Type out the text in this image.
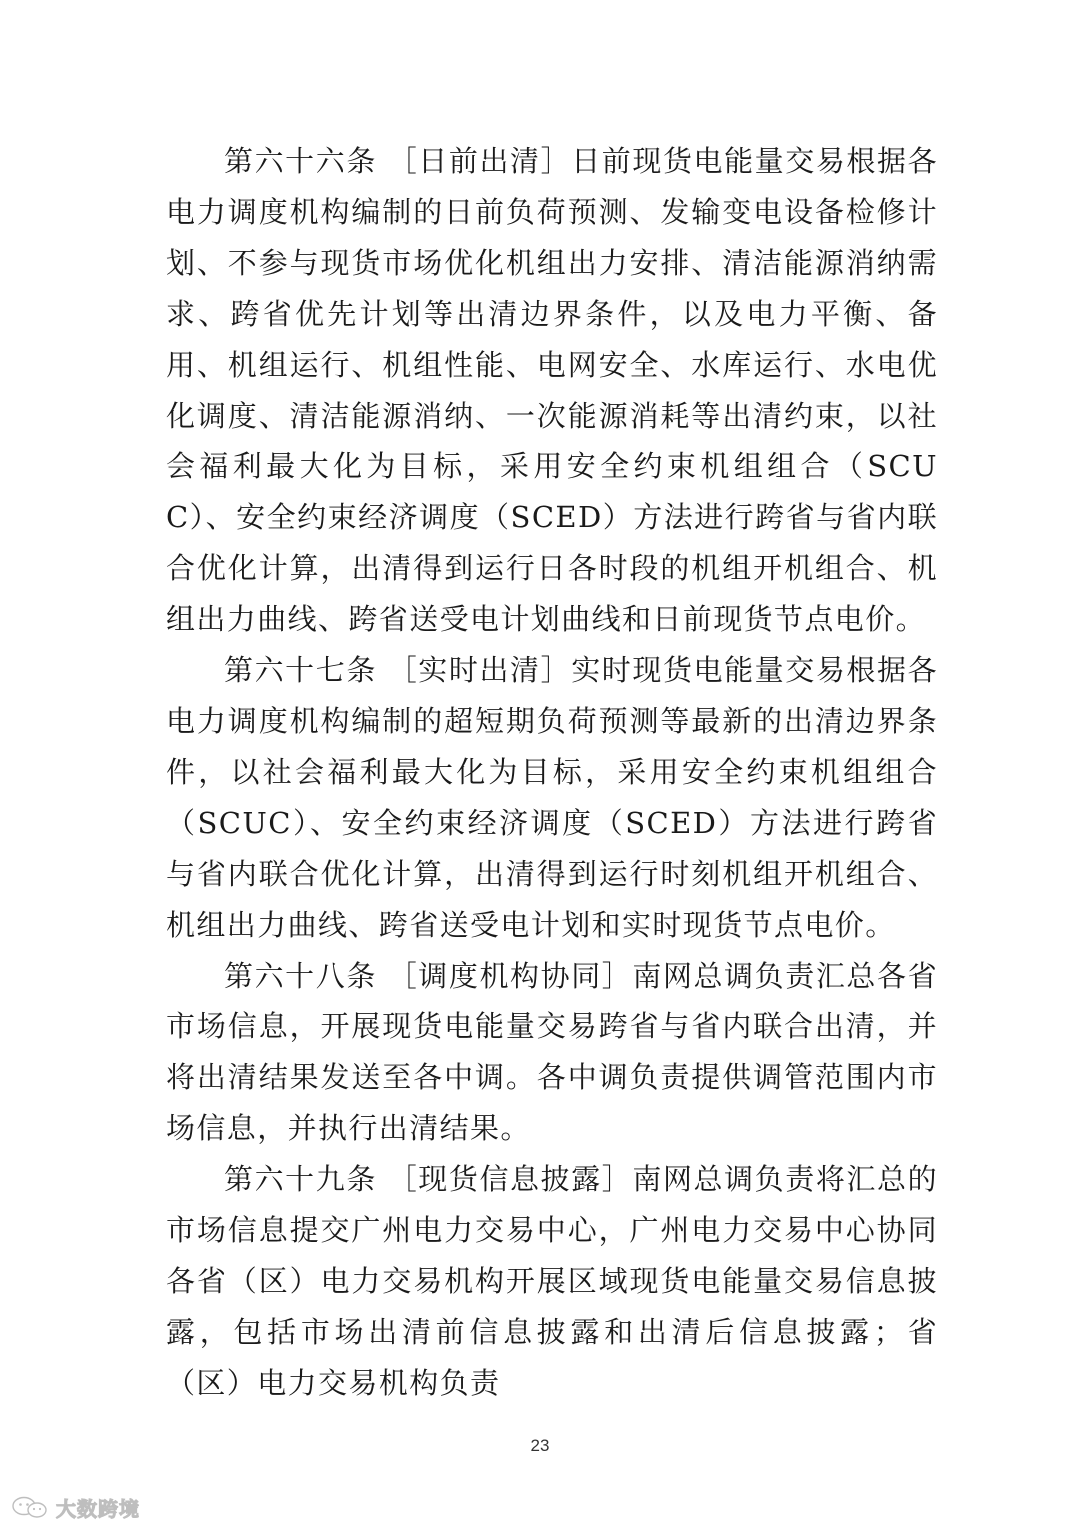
第六十六条 ［日前出清］日前现货电能量交易根据各电力调度机构编制的日前负荷预测、发输变电设备检修计划、不参与现货市场优化机组出力安排、清洁能源消纳需求、跨省优先计划等出清边界条件，以及电力平衡、备用、机组运行、机组性能、电网安全、水库运行、水电优化调度、清洁能源消纳、一次能源消耗等出清约束，以社会福利最大化为目标，采用安全约束机组组合（SCUC）、安全约束经济调度（SCED）方法进行跨省与省内联合优化计算，出清得到运行日各时段的机组开机组合、机组出力曲线、跨省送受电计划曲线和日前现货节点电价。

第六十七条 ［实时出清］实时现货电能量交易根据各电力调度机构编制的超短期负荷预测等最新的出清边界条件，以社会福利最大化为目标，采用安全约束机组组合（SCUC）、安全约束经济调度（SCED）方法进行跨省与省内联合优化计算，出清得到运行时刻机组开机组合、机组出力曲线、跨省送受电计划和实时现货节点电价。

第六十八条 ［调度机构协同］南网总调负责汇总各省市场信息，开展现货电能量交易跨省与省内联合出清，并将出清结果发送至各中调。各中调负责提供调管范围内市场信息，并执行出清结果。

第六十九条 ［现货信息披露］南网总调负责将汇总的市场信息提交广州电力交易中心，广州电力交易中心协同各省（区）电力交易机构开展区域现货电能量交易信息披露，包括市场出清前信息披露和出清后信息披露；省（区）电力交易机构负责

23
大数跨境
